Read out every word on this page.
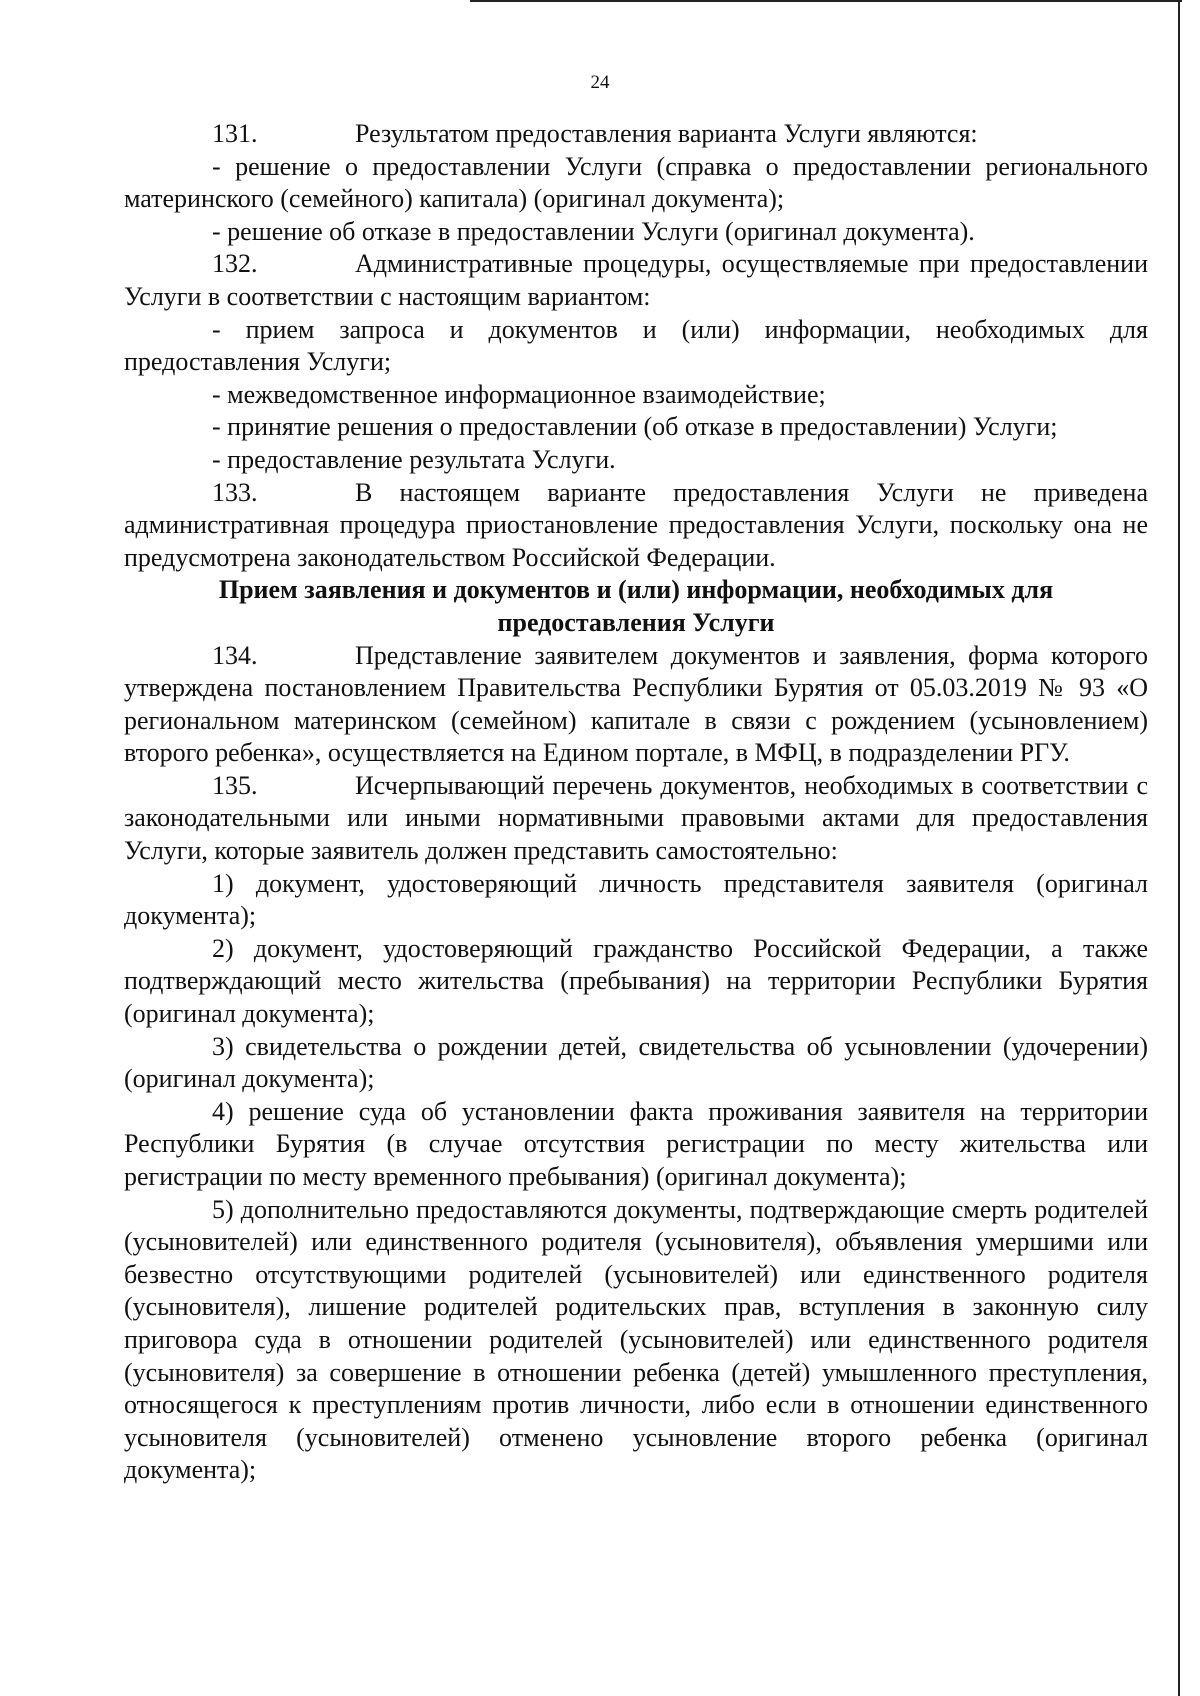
24

131.	Результатом предоставления варианта Услуги являются:

- решение о предоставлении Услуги (справка о предоставлении регионального материнского (семейного) капитала) (оригинал документа);

- решение об отказе в предоставлении Услуги (оригинал документа).

132.	Административные процедуры, осуществляемые при предоставлении Услуги в соответствии с настоящим вариантом:

- прием запроса и документов и (или) информации, необходимых для предоставления Услуги;

- межведомственное информационное взаимодействие;

- принятие решения о предоставлении (об отказе в предоставлении) Услуги;

- предоставление результата Услуги.

133.	В настоящем варианте предоставления Услуги не приведена административная процедура приостановление предоставления Услуги, поскольку она не предусмотрена законодательством Российской Федерации.

Прием заявления и документов и (или) информации, необходимых для предоставления Услуги

134.	Представление заявителем документов и заявления, форма которого утверждена постановлением Правительства Республики Бурятия от 05.03.2019 № 93 «О региональном материнском (семейном) капитале в связи с рождением (усыновлением) второго ребенка», осуществляется на Едином портале, в МФЦ, в подразделении РГУ.

135.	Исчерпывающий перечень документов, необходимых в соответствии с законодательными или иными нормативными правовыми актами для предоставления Услуги, которые заявитель должен представить самостоятельно:

1) документ, удостоверяющий личность представителя заявителя (оригинал документа);

2) документ, удостоверяющий гражданство Российской Федерации, а также подтверждающий место жительства (пребывания) на территории Республики Бурятия (оригинал документа);

3) свидетельства о рождении детей, свидетельства об усыновлении (удочерении) (оригинал документа);

4) решение суда об установлении факта проживания заявителя на территории Республики Бурятия (в случае отсутствия регистрации по месту жительства или регистрации по месту временного пребывания) (оригинал документа);

5) дополнительно предоставляются документы, подтверждающие смерть родителей (усыновителей) или единственного родителя (усыновителя), объявления умершими или безвестно отсутствующими родителей (усыновителей) или единственного родителя (усыновителя), лишение родителей родительских прав, вступления в законную силу приговора суда в отношении родителей (усыновителей) или единственного родителя (усыновителя) за совершение в отношении ребенка (детей) умышленного преступления, относящегося к преступлениям против личности, либо если в отношении единственного усыновителя (усыновителей) отменено усыновление второго ребенка (оригинал документа);
